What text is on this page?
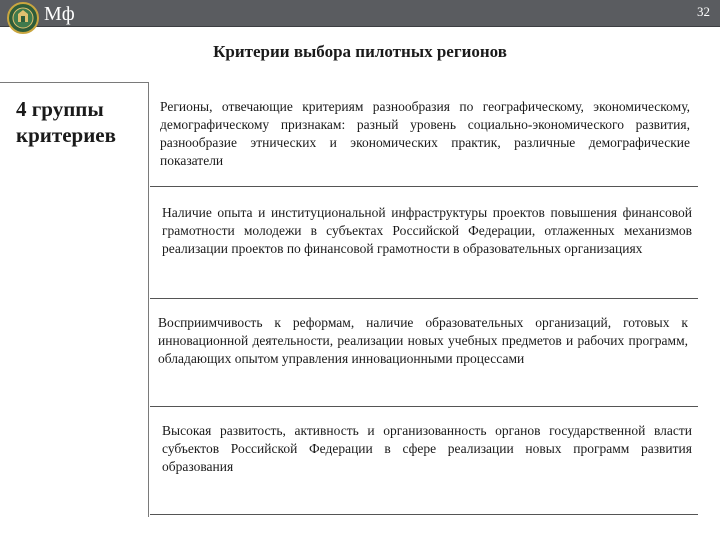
Мф	32
Критерии выбора пилотных регионов
4 группы
критериев
Регионы, отвечающие критериям разнообразия по географическому, экономическому, демографическому признакам: разный уровень социально-экономического развития, разнообразие этнических и экономических практик, различные демографические показатели
Наличие опыта и институциональной инфраструктуры проектов повышения финансовой грамотности молодежи в субъектах Российской Федерации, отлаженных механизмов реализации проектов по финансовой грамотности в образовательных организациях
Восприимчивость к реформам, наличие образовательных организаций, готовых к инновационной деятельности, реализации новых учебных предметов и рабочих программ, обладающих опытом управления инновационными процессами
Высокая развитость, активность и организованность органов государственной власти субъектов Российской Федерации в сфере реализации новых программ развития образования
